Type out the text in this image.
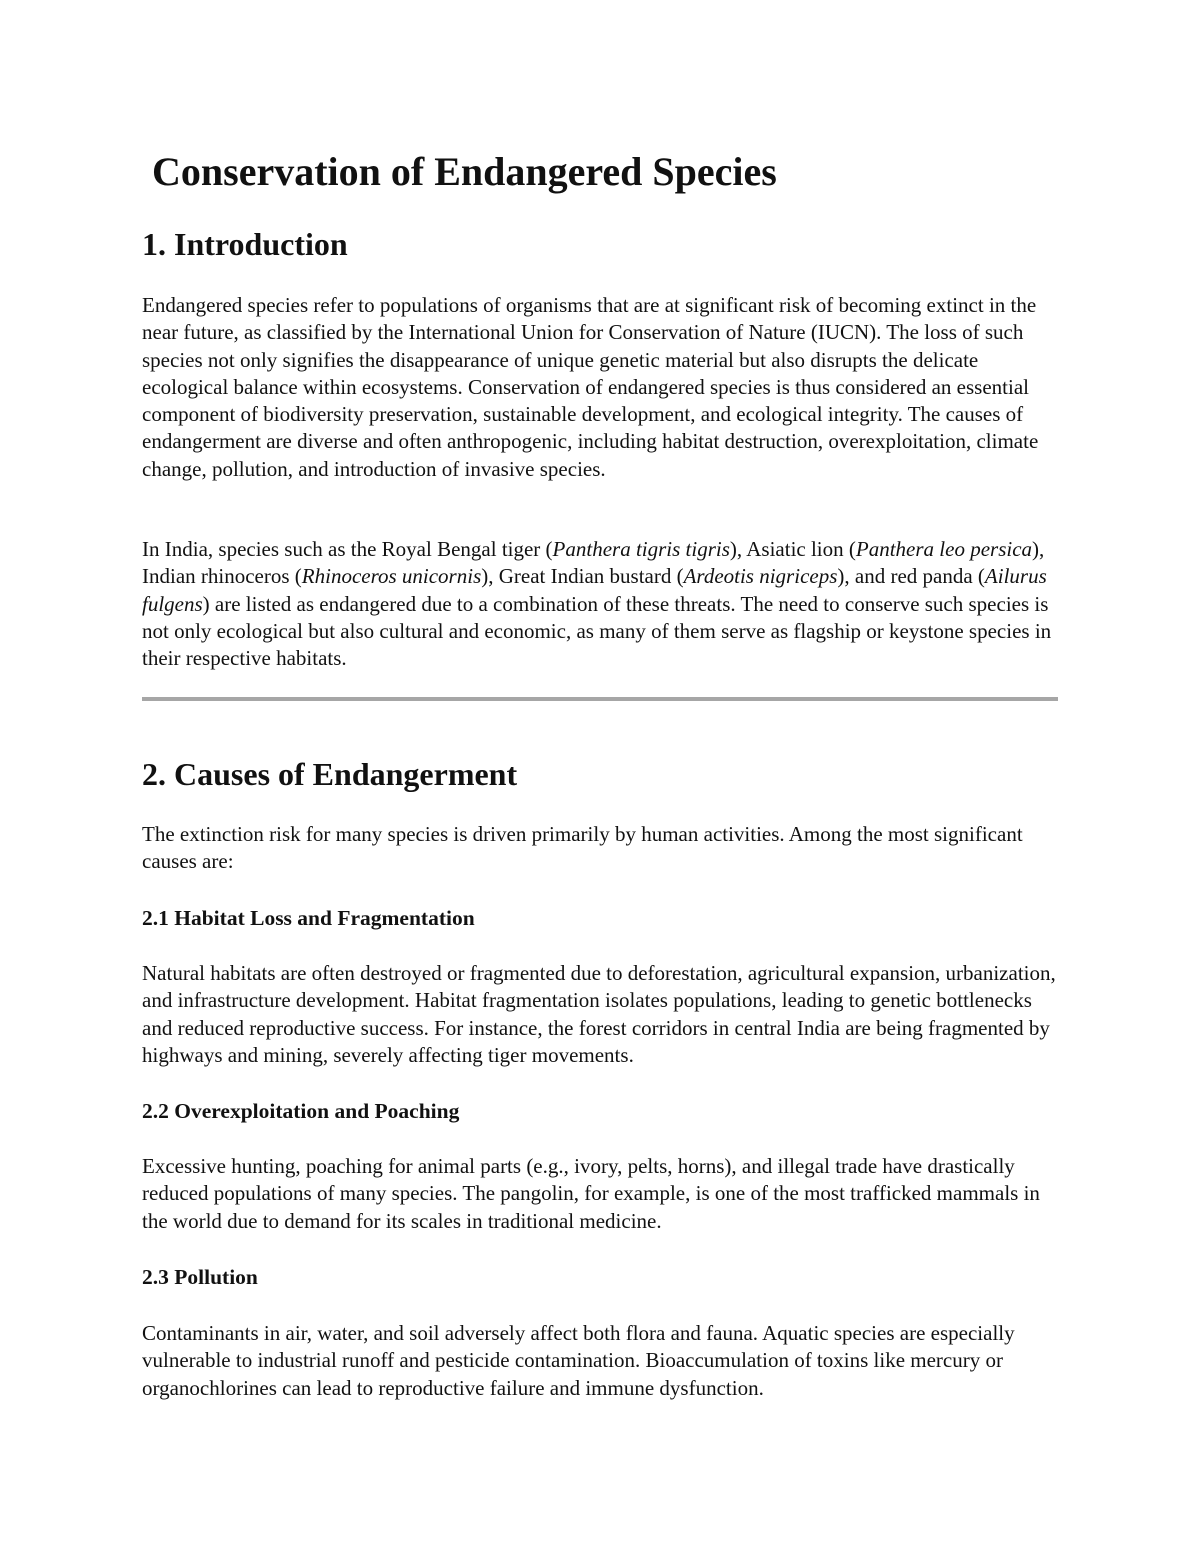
Conservation of Endangered Species
1. Introduction

Endangered species refer to populations of organisms that are at significant risk of becoming extinct in the near future, as classified by the International Union for Conservation of Nature (IUCN). The loss of such species not only signifies the disappearance of unique genetic material but also disrupts the delicate ecological balance within ecosystems. Conservation of endangered species is thus considered an essential component of biodiversity preservation, sustainable development, and ecological integrity. The causes of endangerment are diverse and often anthropogenic, including habitat destruction, overexploitation, climate change, pollution, and introduction of invasive species.

In India, species such as the Royal Bengal tiger (Panthera tigris tigris), Asiatic lion (Panthera leo persica), Indian rhinoceros (Rhinoceros unicornis), Great Indian bustard (Ardeotis nigriceps), and red panda (Ailurus fulgens) are listed as endangered due to a combination of these threats. The need to conserve such species is not only ecological but also cultural and economic, as many of them serve as flagship or keystone species in their respective habitats.

2. Causes of Endangerment

The extinction risk for many species is driven primarily by human activities. Among the most significant causes are:

2.1 Habitat Loss and Fragmentation

Natural habitats are often destroyed or fragmented due to deforestation, agricultural expansion, urbanization, and infrastructure development. Habitat fragmentation isolates populations, leading to genetic bottlenecks and reduced reproductive success. For instance, the forest corridors in central India are being fragmented by highways and mining, severely affecting tiger movements.

2.2 Overexploitation and Poaching

Excessive hunting, poaching for animal parts (e.g., ivory, pelts, horns), and illegal trade have drastically reduced populations of many species. The pangolin, for example, is one of the most trafficked mammals in the world due to demand for its scales in traditional medicine.

2.3 Pollution

Contaminants in air, water, and soil adversely affect both flora and fauna. Aquatic species are especially vulnerable to industrial runoff and pesticide contamination. Bioaccumulation of toxins like mercury or organochlorines can lead to reproductive failure and immune dysfunction.
